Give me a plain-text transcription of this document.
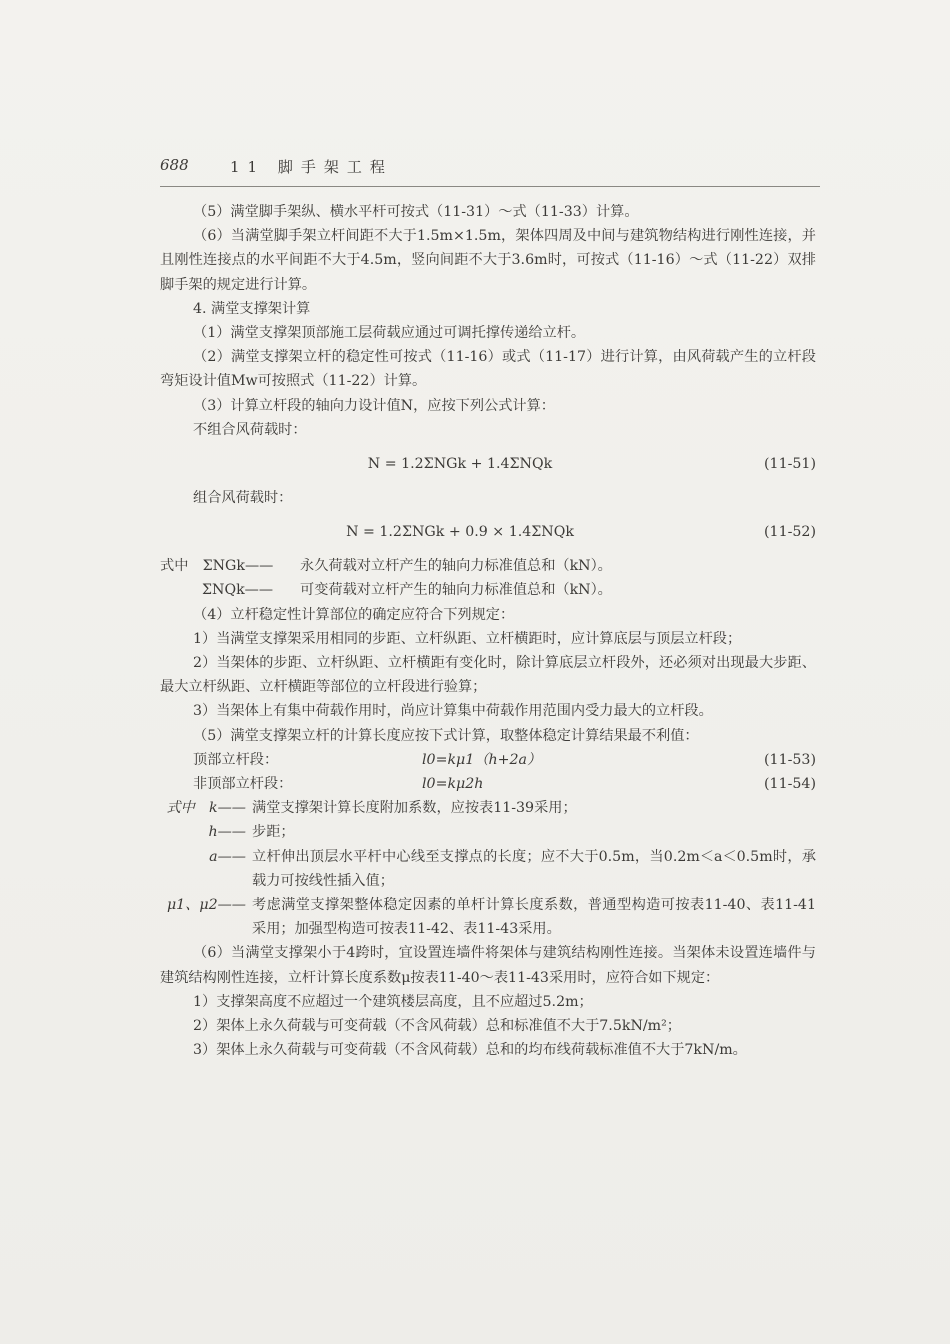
688	11 脚手架工程

（5）满堂脚手架纵、横水平杆可按式（11-31）～式（11-33）计算。

（6）当满堂脚手架立杆间距不大于1.5m×1.5m，架体四周及中间与建筑物结构进行刚性连接，并且刚性连接点的水平间距不大于4.5m，竖向间距不大于3.6m时，可按式（11-16）～式（11-22）双排脚手架的规定进行计算。

4. 满堂支撑架计算

（1）满堂支撑架顶部施工层荷载应通过可调托撑传递给立杆。

（2）满堂支撑架立杆的稳定性可按式（11-16）或式（11-17）进行计算，由风荷载产生的立杆段弯矩设计值Mw可按照式（11-22）计算。

（3）计算立杆段的轴向力设计值N，应按下列公式计算：

不组合风荷载时：

N = 1.2ΣNGk + 1.4ΣNQk	(11-51)

组合风荷载时：

N = 1.2ΣNGk + 0.9 × 1.4ΣNQk	(11-52)
式中　ΣNGk—— 永久荷载对立杆产生的轴向力标准值总和（kN）。
ΣNQk—— 可变荷载对立杆产生的轴向力标准值总和（kN）。

（4）立杆稳定性计算部位的确定应符合下列规定：

1）当满堂支撑架采用相同的步距、立杆纵距、立杆横距时，应计算底层与顶层立杆段；

2）当架体的步距、立杆纵距、立杆横距有变化时，除计算底层立杆段外，还必须对出现最大步距、最大立杆纵距、立杆横距等部位的立杆段进行验算；

3）当架体上有集中荷载作用时，尚应计算集中荷载作用范围内受力最大的立杆段。

（5）满堂支撑架立杆的计算长度应按下式计算，取整体稳定计算结果最不利值：

顶部立杆段：	l0=kμ1（h+2a）	(11-53)
非顶部立杆段：	l0=kμ2h	(11-54)
式中　k—— 满堂支撑架计算长度附加系数，应按表11-39采用；
h—— 步距；
a—— 立杆伸出顶层水平杆中心线至支撑点的长度；应不大于0.5m，当0.2m＜a＜0.5m时，承载力可按线性插入值；
μ1、μ2—— 考虑满堂支撑架整体稳定因素的单杆计算长度系数，普通型构造可按表11-40、表11-41采用；加强型构造可按表11-42、表11-43采用。

（6）当满堂支撑架小于4跨时，宜设置连墙件将架体与建筑结构刚性连接。当架体未设置连墙件与建筑结构刚性连接，立杆计算长度系数μ按表11-40～表11-43采用时，应符合如下规定：

1）支撑架高度不应超过一个建筑楼层高度，且不应超过5.2m；

2）架体上永久荷载与可变荷载（不含风荷载）总和标准值不大于7.5kN/m²；

3）架体上永久荷载与可变荷载（不含风荷载）总和的均布线荷载标准值不大于7kN/m。
